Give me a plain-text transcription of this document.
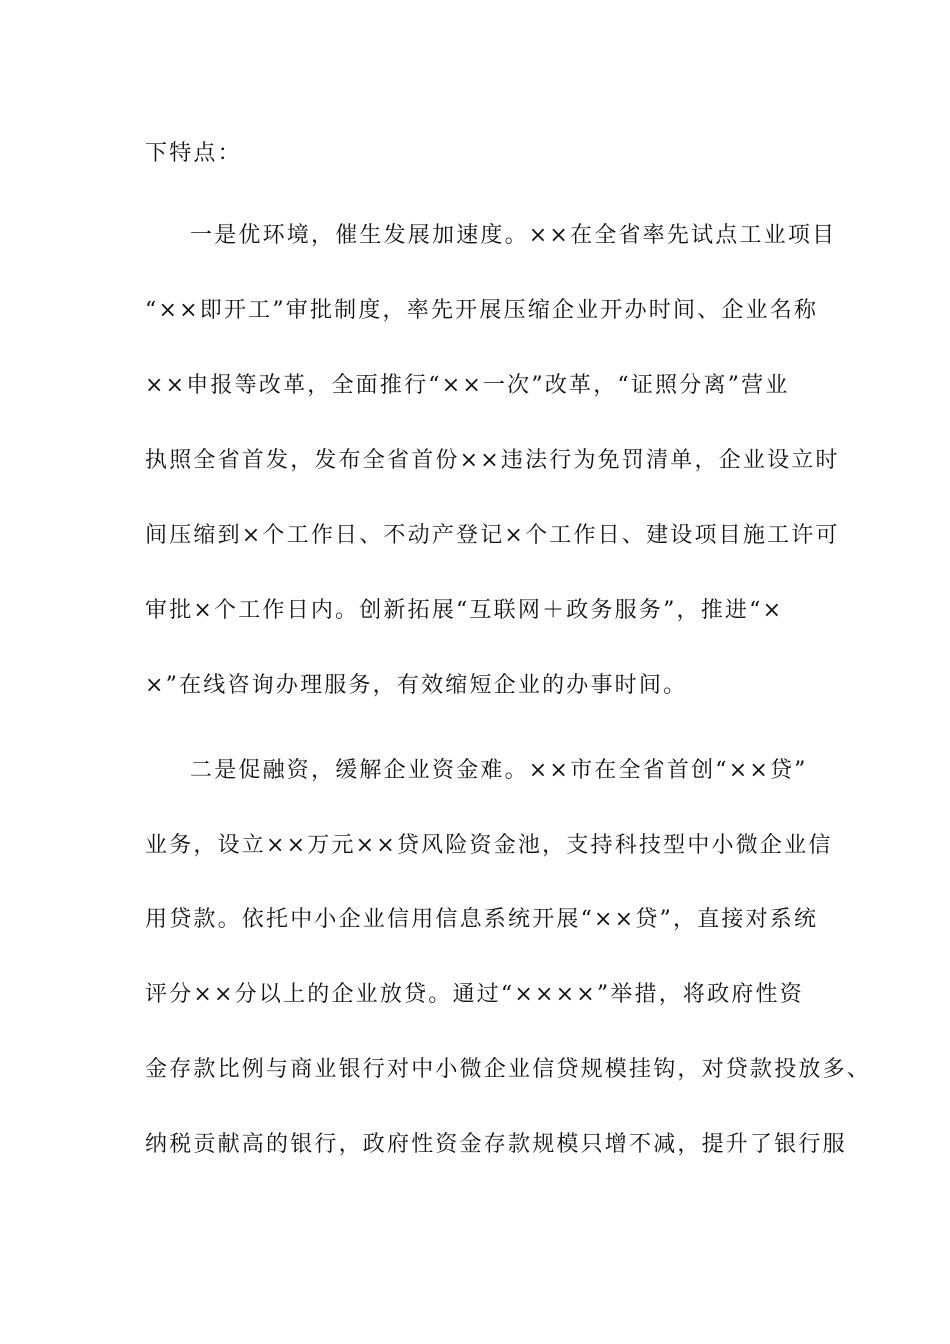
下特点：
一是优环境，催生发展加速度。××在全省率先试点工业项目
“××即开工”审批制度，率先开展压缩企业开办时间、企业名称
××申报等改革，全面推行“××一次”改革，“证照分离”营业
执照全省首发，发布全省首份××违法行为免罚清单，企业设立时
间压缩到×个工作日、不动产登记×个工作日、建设项目施工许可
审批×个工作日内。创新拓展“互联网＋政务服务”，推进“×
×”在线咨询办理服务，有效缩短企业的办事时间。
二是促融资，缓解企业资金难。××市在全省首创“××贷”
业务，设立××万元××贷风险资金池，支持科技型中小微企业信
用贷款。依托中小企业信用信息系统开展“××贷”，直接对系统
评分××分以上的企业放贷。通过“××××”举措，将政府性资
金存款比例与商业银行对中小微企业信贷规模挂钩，对贷款投放多、
纳税贡献高的银行，政府性资金存款规模只增不减，提升了银行服
